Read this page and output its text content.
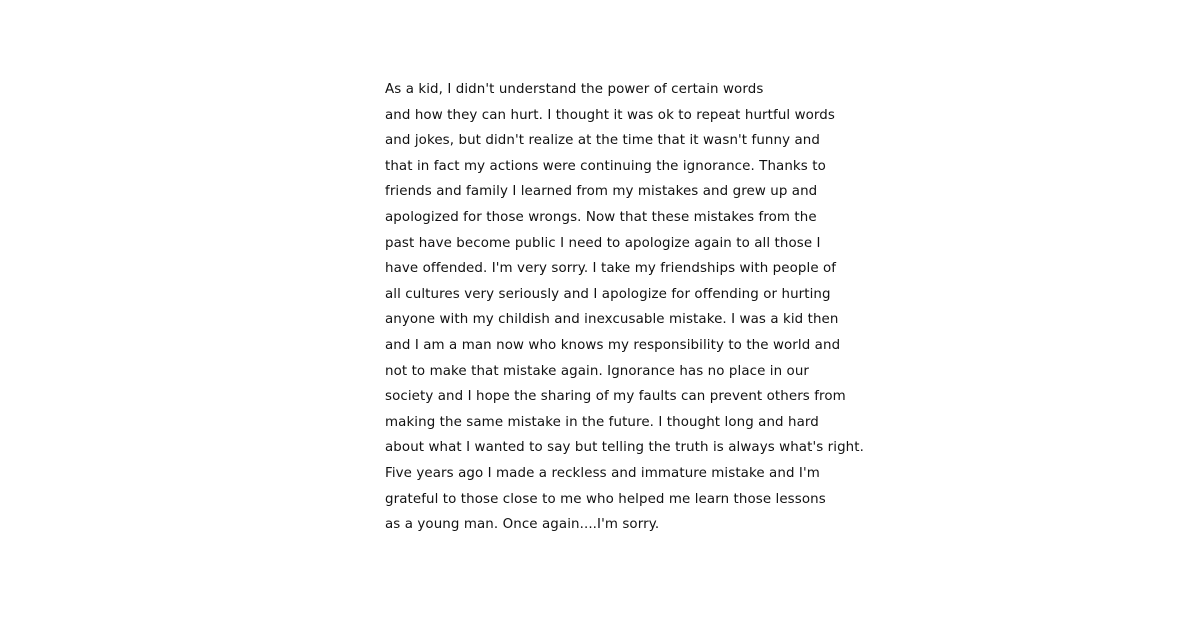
As a kid, I didn't understand the power of certain words
and how they can hurt. I thought it was ok to repeat hurtful words
and jokes, but didn't realize at the time that it wasn't funny and
that in fact my actions were continuing the ignorance. Thanks to
friends and family I learned from my mistakes and grew up and
apologized for those wrongs. Now that these mistakes from the
past have become public I need to apologize again to all those I
have offended. I'm very sorry. I take my friendships with people of
all cultures very seriously and I apologize for offending or hurting
anyone with my childish and inexcusable mistake. I was a kid then
and I am a man now who knows my responsibility to the world and
not to make that mistake again. Ignorance has no place in our
society and I hope the sharing of my faults can prevent others from
making the same mistake in the future. I thought long and hard
about what I wanted to say but telling the truth is always what's right.
Five years ago I made a reckless and immature mistake and I'm
grateful to those close to me who helped me learn those lessons
as a young man. Once again....I'm sorry.
